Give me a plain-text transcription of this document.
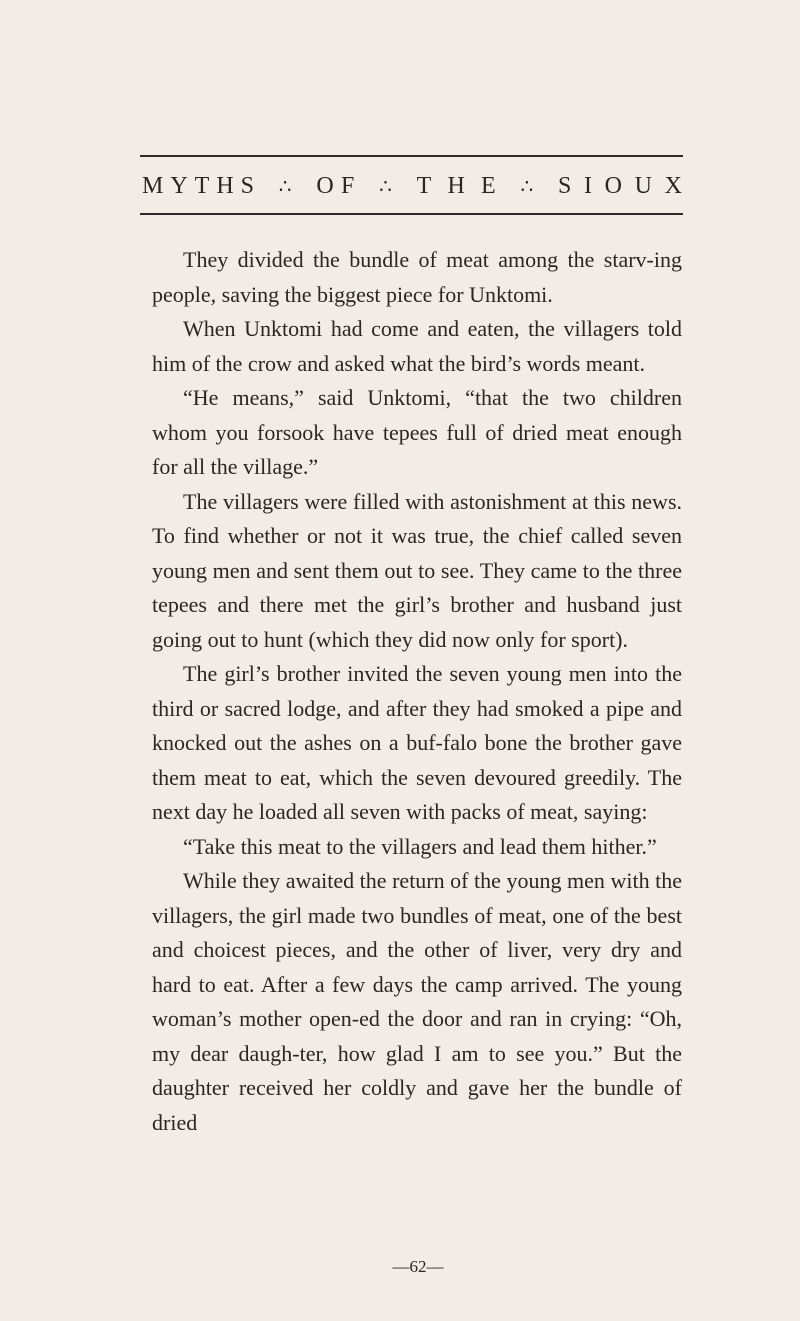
M Y T H S ∴ O F ∴ T H E ∴ S I O U X

They divided the bundle of meat among the starv-ing people, saving the biggest piece for Unktomi.

When Unktomi had come and eaten, the villagers told him of the crow and asked what the bird’s words meant.

“He means,” said Unktomi, “that the two children whom you forsook have tepees full of dried meat enough for all the village.”

The villagers were filled with astonishment at this news. To find whether or not it was true, the chief called seven young men and sent them out to see. They came to the three tepees and there met the girl’s brother and husband just going out to hunt (which they did now only for sport).

The girl’s brother invited the seven young men into the third or sacred lodge, and after they had smoked a pipe and knocked out the ashes on a buf-falo bone the brother gave them meat to eat, which the seven devoured greedily. The next day he loaded all seven with packs of meat, saying:

“Take this meat to the villagers and lead them hither.”

While they awaited the return of the young men with the villagers, the girl made two bundles of meat, one of the best and choicest pieces, and the other of liver, very dry and hard to eat. After a few days the camp arrived. The young woman’s mother open-ed the door and ran in crying: “Oh, my dear daugh-ter, how glad I am to see you.” But the daughter received her coldly and gave her the bundle of dried

—62—
